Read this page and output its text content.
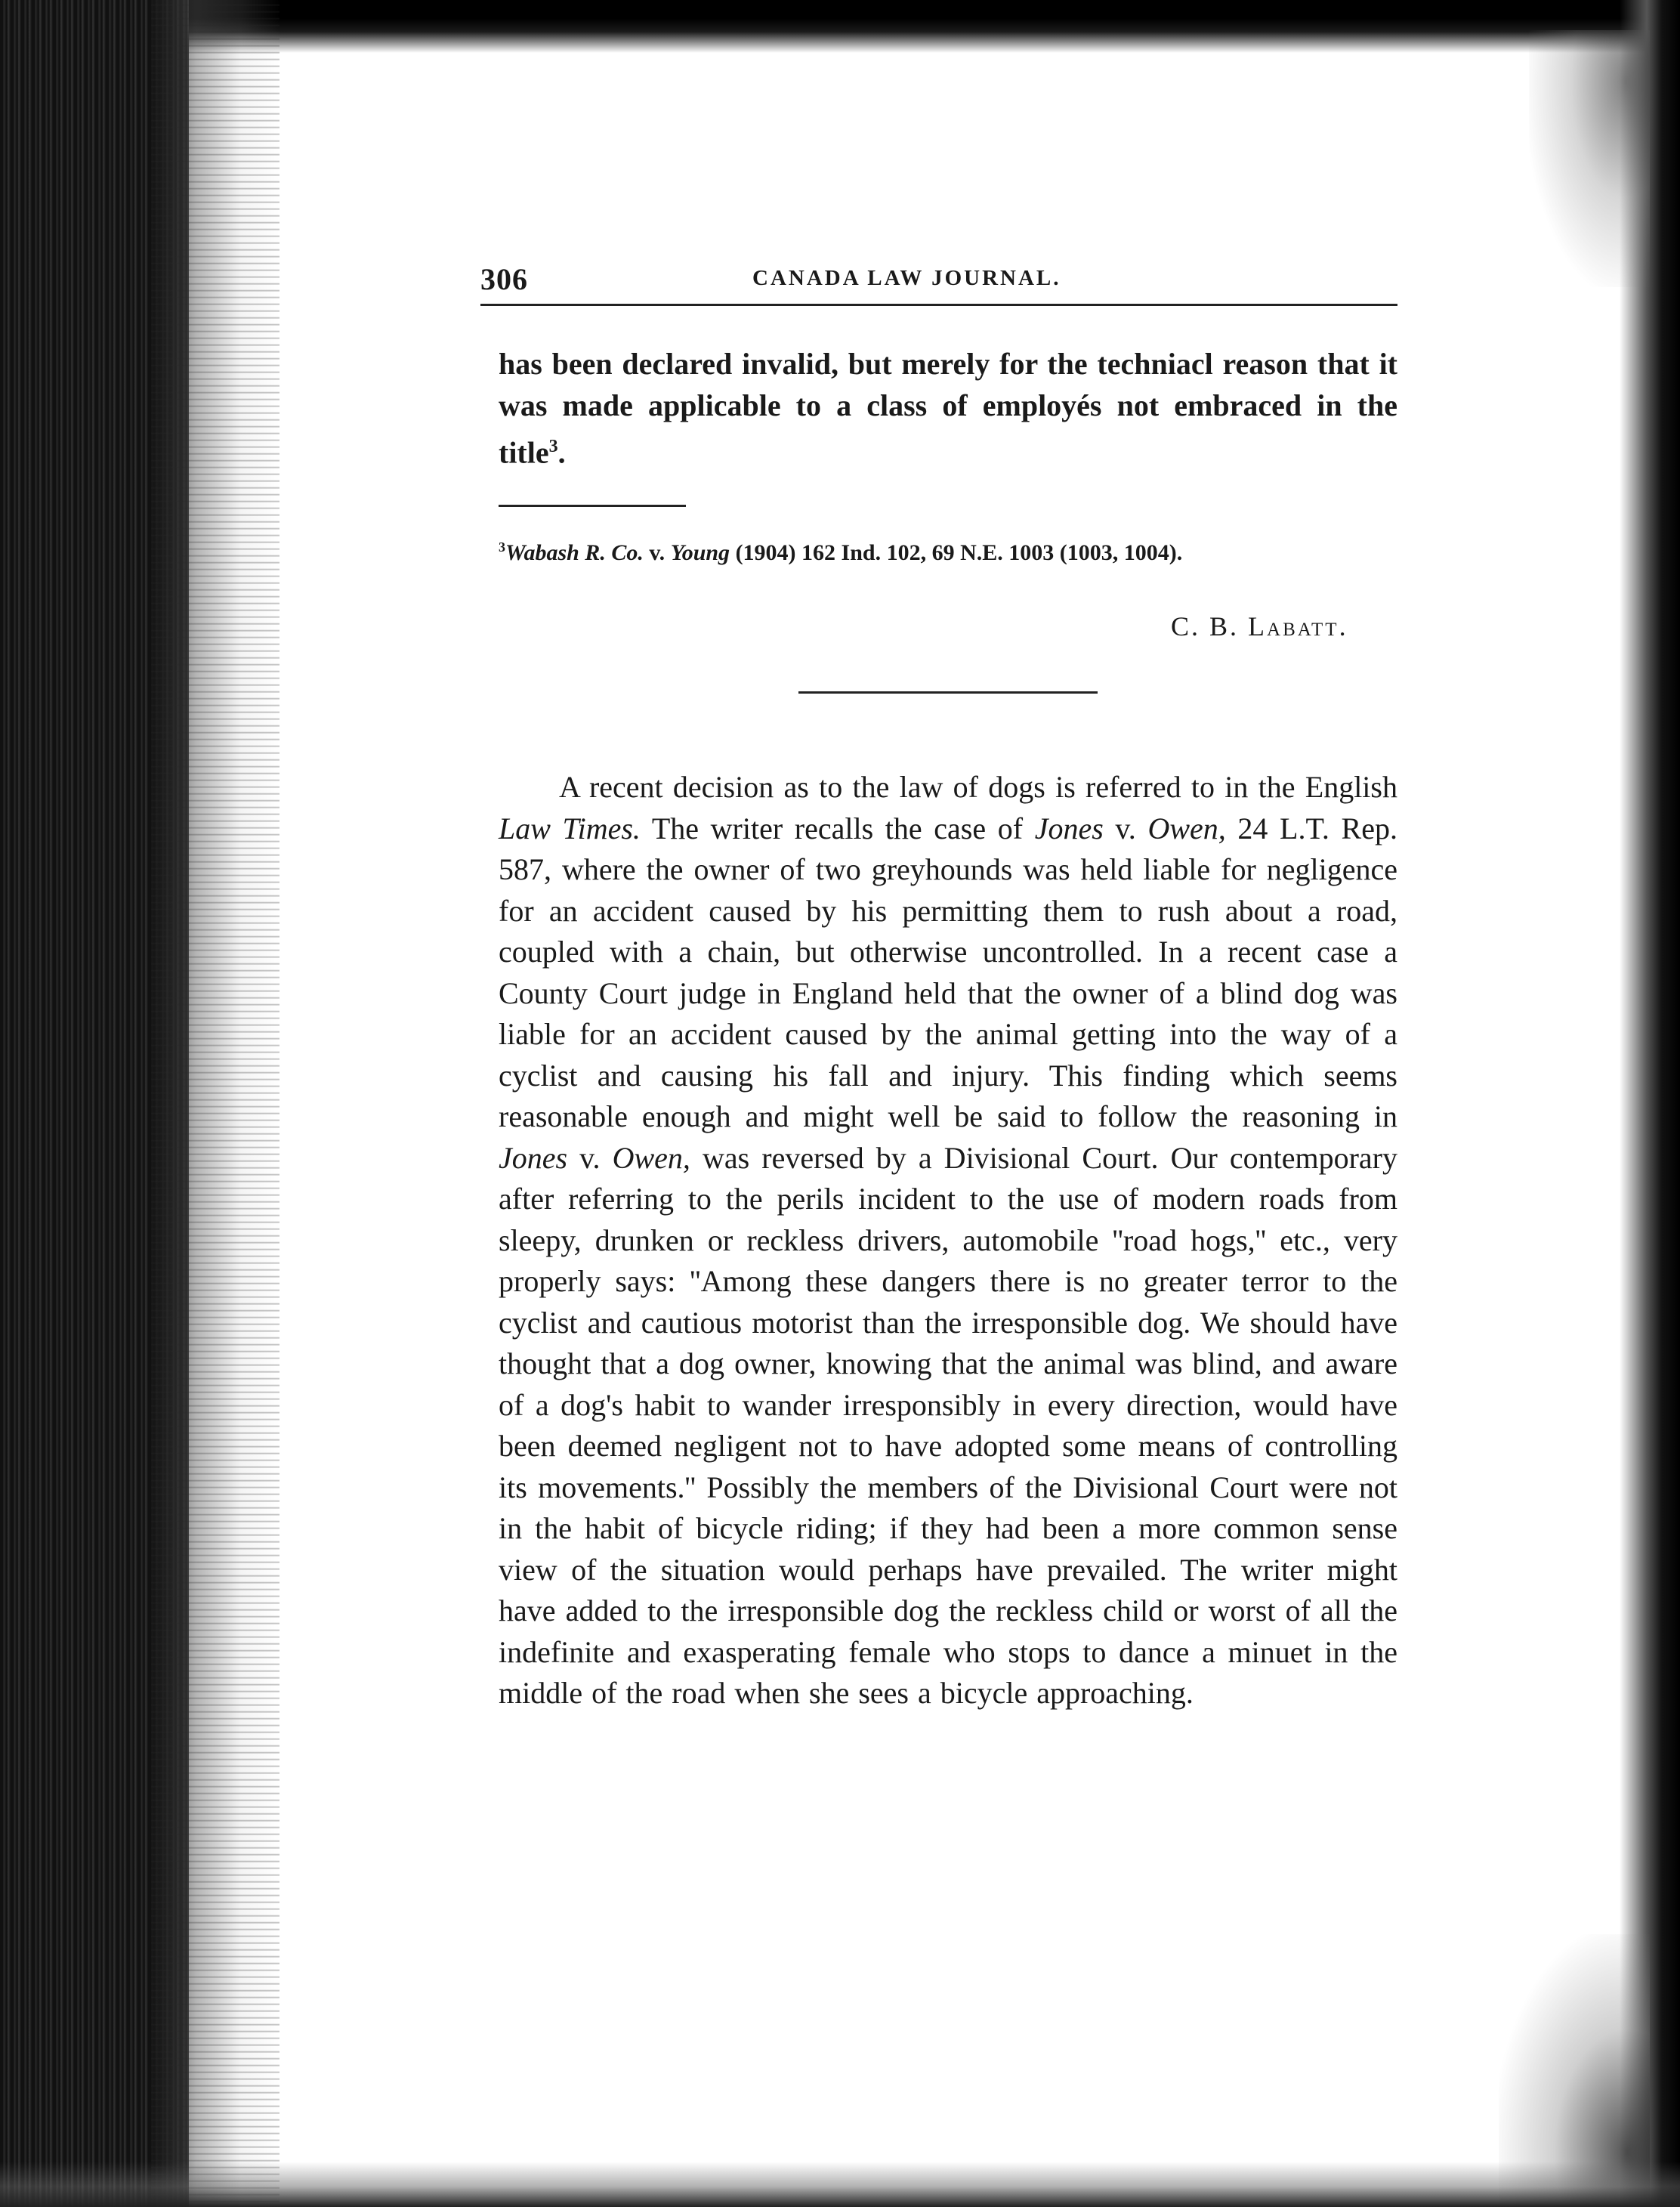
306	CANADA LAW JOURNAL.
has been declared invalid, but merely for the techniacl reason that it was made applicable to a class of employés not embraced in the title$^3$.
$^3$Wabash R. Co. v. Young (1904) 162 Ind. 102, 69 N.E. 1003 (1003, 1004).
C. B. Labatt.
A recent decision as to the law of dogs is referred to in the English Law Times. The writer recalls the case of Jones v. Owen, 24 L.T. Rep. 587, where the owner of two greyhounds was held liable for negligence for an accident caused by his permitting them to rush about a road, coupled with a chain, but otherwise uncontrolled. In a recent case a County Court judge in England held that the owner of a blind dog was liable for an accident caused by the animal getting into the way of a cyclist and causing his fall and injury. This finding which seems reasonable enough and might well be said to follow the reasoning in Jones v. Owen, was reversed by a Divisional Court. Our contemporary after referring to the perils incident to the use of modern roads from sleepy, drunken or reckless drivers, automobile ''road hogs,'' etc., very properly says: ''Among these dangers there is no greater terror to the cyclist and cautious motorist than the irresponsible dog. We should have thought that a dog owner, knowing that the animal was blind, and aware of a dog's habit to wander irresponsibly in every direction, would have been deemed negligent not to have adopted some means of controlling its movements.'' Possibly the members of the Divisional Court were not in the habit of bicycle riding; if they had been a more common sense view of the situation would perhaps have prevailed. The writer might have added to the irresponsible dog the reckless child or worst of all the indefinite and exasperating female who stops to dance a minuet in the middle of the road when she sees a bicycle approaching.
